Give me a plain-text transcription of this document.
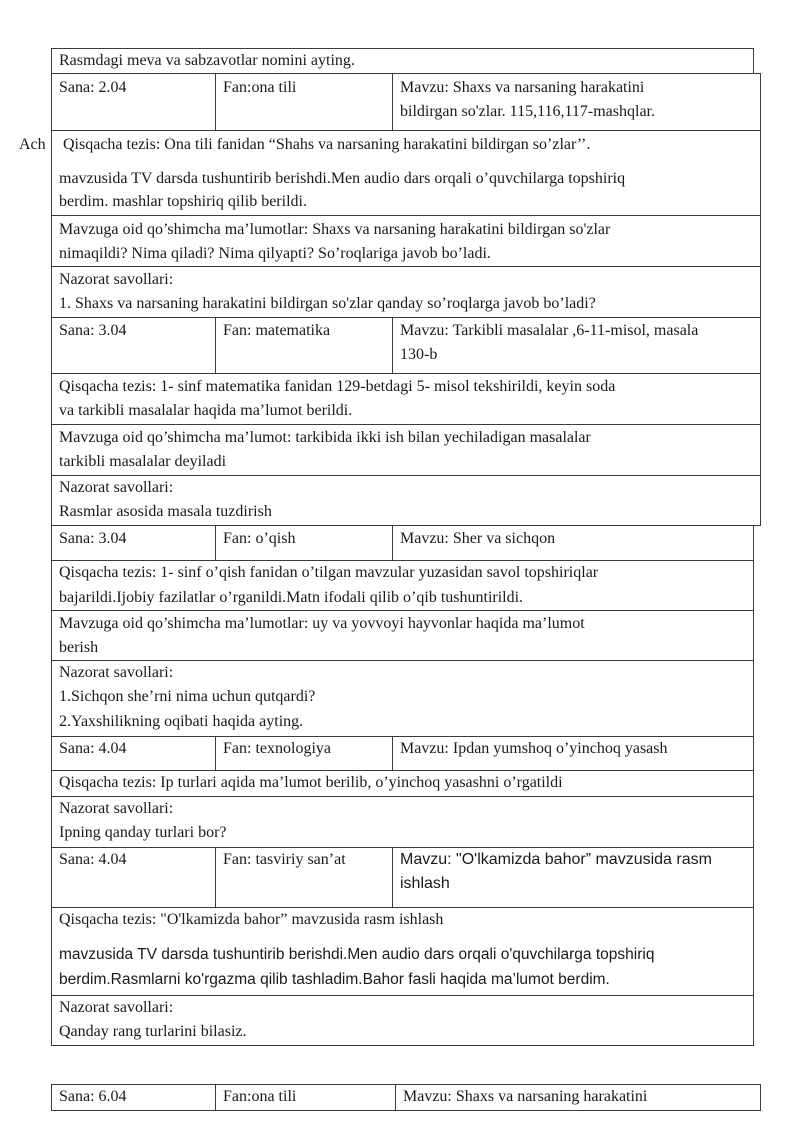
Rasmdagi meva va sabzavotlar nomini ayting.
Sana: 2.04	Fan:ona tili	Mavzu: Shaxs va narsaning harakatini
bildirgan so'zlar. 115,116,117-mashqlar.
Ach Qisqacha tezis: Ona tili fanidan “Shahs va narsaning harakatini bildirgan so’zlar’’.
mavzusida TV darsda tushuntirib berishdi.Men audio dars orqali o’quvchilarga topshiriq
berdim. mashlar topshiriq qilib berildi.
Mavzuga oid qo’shimcha ma’lumotlar: Shaxs va narsaning harakatini bildirgan so'zlar
nimaqildi? Nima qiladi? Nima qilyapti? So’roqlariga javob bo’ladi.
Nazorat savollari:
1. Shaxs va narsaning harakatini bildirgan so'zlar qanday so’roqlarga javob bo’ladi?
Sana: 3.04	Fan: matematika	Mavzu: Tarkibli masalalar ,6-11-misol, masala
130-b
Qisqacha tezis: 1- sinf matematika fanidan 129-betdagi 5- misol tekshirildi, keyin soda
va tarkibli masalalar haqida ma’lumot berildi.
Mavzuga oid qo’shimcha ma’lumot: tarkibida ikki ish bilan yechiladigan masalalar
tarkibli masalalar deyiladi
Nazorat savollari:
Rasmlar asosida masala tuzdirish
Sana: 3.04	Fan: o’qish	Mavzu: Sher va sichqon
Qisqacha tezis: 1- sinf o’qish fanidan o’tilgan mavzular yuzasidan savol topshiriqlar
bajarildi.Ijobiy fazilatlar o’rganildi.Matn ifodali qilib o’qib tushuntirildi.
Mavzuga oid qo’shimcha ma’lumotlar: uy va yovvoyi hayvonlar haqida ma’lumot
berish
Nazorat savollari:
1.Sichqon she’rni nima uchun qutqardi?
2.Yaxshilikning oqibati haqida ayting.
Sana: 4.04	Fan: texnologiya	Mavzu: Ipdan yumshoq o’yinchoq yasash
Qisqacha tezis: Ip turlari aqida ma’lumot berilib, o’yinchoq yasashni o’rgatildi
Nazorat savollari:
Ipning qanday turlari bor?
Sana: 4.04	Fan: tasviriy san’at	Mavzu: "O'lkamizda bahor” mavzusida rasm
ishlash
Qisqacha tezis: "O'lkamizda bahor” mavzusida rasm ishlash
mavzusida TV darsda tushuntirib berishdi.Men audio dars orqali o'quvchilarga topshiriq
berdim.Rasmlarni ko'rgazma qilib tashladim.Bahor fasli haqida ma’lumot berdim.
Nazorat savollari:
Qanday rang turlarini bilasiz.
Sana: 6.04	Fan:ona tili	Mavzu: Shaxs va narsaning harakatini
